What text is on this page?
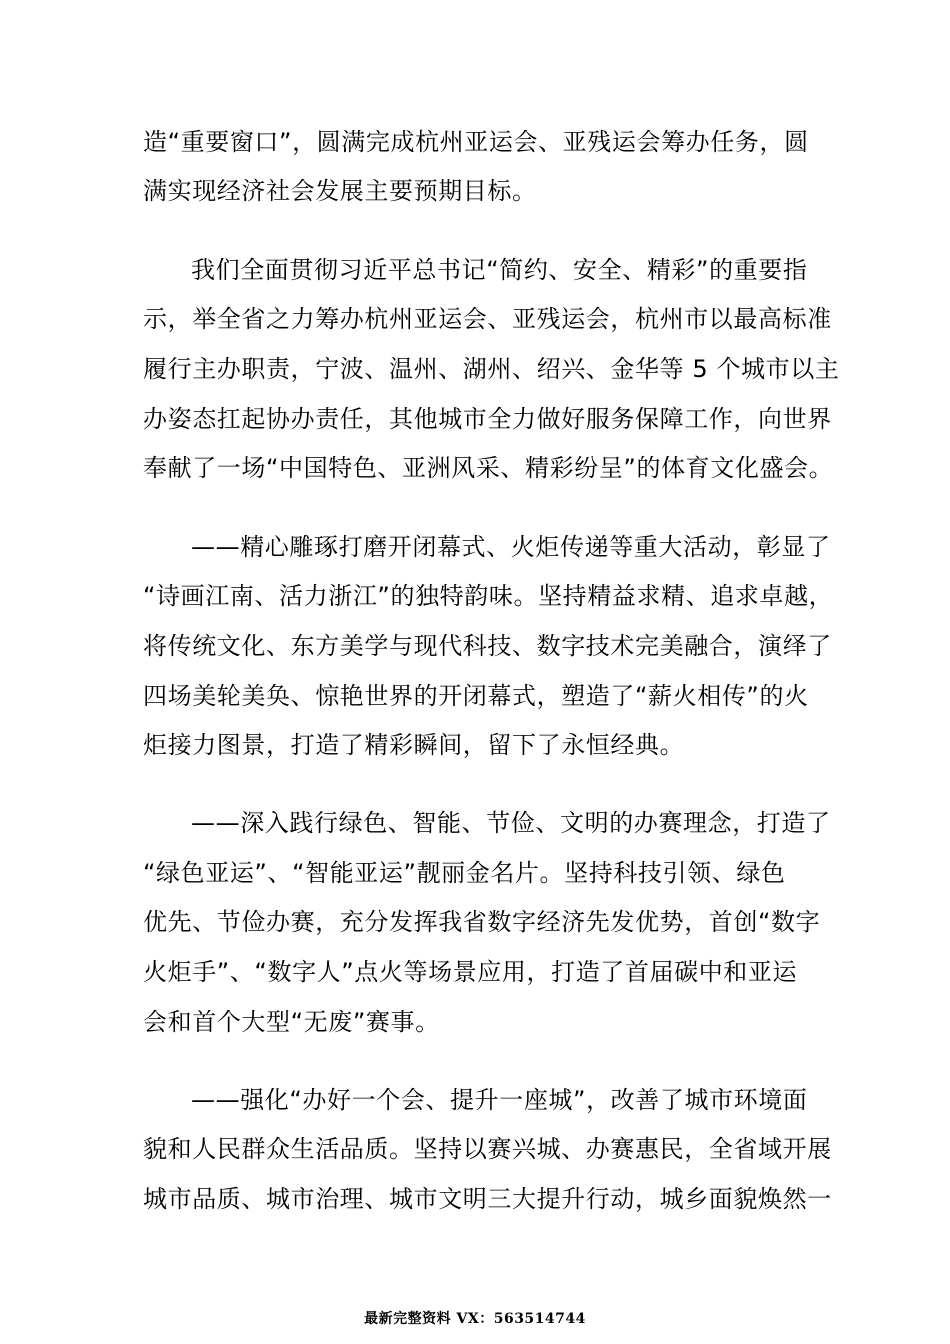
造“重要窗口”，圆满完成杭州亚运会、亚残运会筹办任务，圆
满实现经济社会发展主要预期目标。
我们全面贯彻习近平总书记“简约、安全、精彩”的重要指
示，举全省之力筹办杭州亚运会、亚残运会，杭州市以最高标准
履行主办职责，宁波、温州、湖州、绍兴、金华等 5 个城市以主
办姿态扛起协办责任，其他城市全力做好服务保障工作，向世界
奉献了一场“中国特色、亚洲风采、精彩纷呈”的体育文化盛会。
——精心雕琢打磨开闭幕式、火炬传递等重大活动，彰显了
“诗画江南、活力浙江”的独特韵味。坚持精益求精、追求卓越，
将传统文化、东方美学与现代科技、数字技术完美融合，演绎了
四场美轮美奂、惊艳世界的开闭幕式，塑造了“薪火相传”的火
炬接力图景，打造了精彩瞬间，留下了永恒经典。
——深入践行绿色、智能、节俭、文明的办赛理念，打造了
“绿色亚运”、“智能亚运”靓丽金名片。坚持科技引领、绿色
优先、节俭办赛，充分发挥我省数字经济先发优势，首创“数字
火炬手”、“数字人”点火等场景应用，打造了首届碳中和亚运
会和首个大型“无废”赛事。
——强化“办好一个会、提升一座城”，改善了城市环境面
貌和人民群众生活品质。坚持以赛兴城、办赛惠民，全省域开展
城市品质、城市治理、城市文明三大提升行动，城乡面貌焕然一
最新完整资料 VX：563514744
